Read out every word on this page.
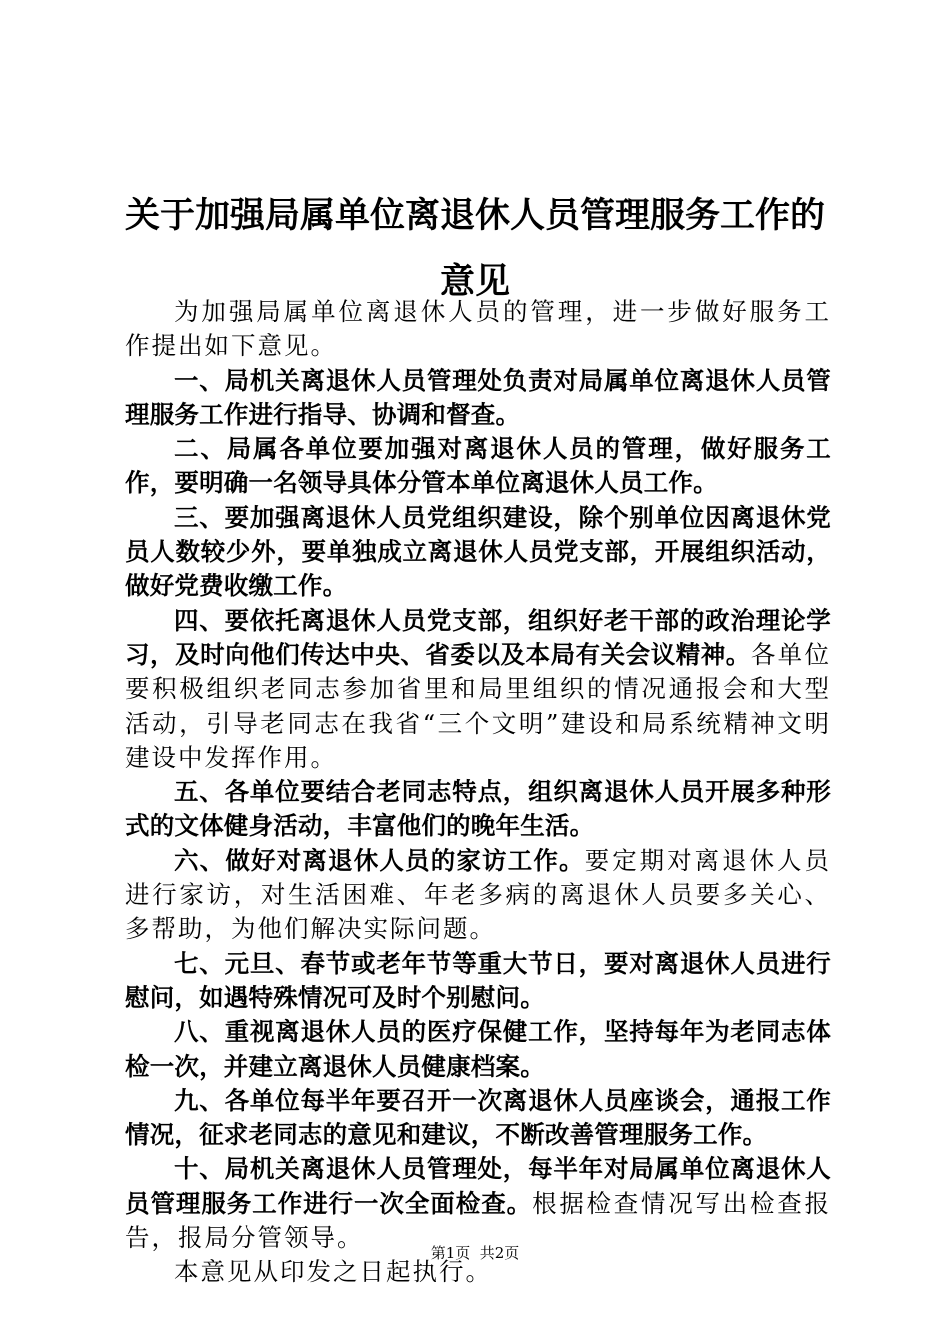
关于加强局属单位离退休人员管理服务工作的意见

为加强局属单位离退休人员的管理，进一步做好服务工作提出如下意见。

一、局机关离退休人员管理处负责对局属单位离退休人员管理服务工作进行指导、协调和督查。

二、局属各单位要加强对离退休人员的管理，做好服务工作，要明确一名领导具体分管本单位离退休人员工作。

三、要加强离退休人员党组织建设，除个别单位因离退休党员人数较少外，要单独成立离退休人员党支部，开展组织活动，做好党费收缴工作。

四、要依托离退休人员党支部，组织好老干部的政治理论学习，及时向他们传达中央、省委以及本局有关会议精神。各单位要积极组织老同志参加省里和局里组织的情况通报会和大型活动，引导老同志在我省“三个文明”建设和局系统精神文明建设中发挥作用。

五、各单位要结合老同志特点，组织离退休人员开展多种形式的文体健身活动，丰富他们的晚年生活。

六、做好对离退休人员的家访工作。要定期对离退休人员进行家访，对生活困难、年老多病的离退休人员要多关心、多帮助，为他们解决实际问题。

七、元旦、春节或老年节等重大节日，要对离退休人员进行慰问，如遇特殊情况可及时个别慰问。

八、重视离退休人员的医疗保健工作，坚持每年为老同志体检一次，并建立离退休人员健康档案。

九、各单位每半年要召开一次离退休人员座谈会，通报工作情况，征求老同志的意见和建议，不断改善管理服务工作。

十、局机关离退休人员管理处，每半年对局属单位离退休人员管理服务工作进行一次全面检查。根据检查情况写出检查报告，报局分管领导。

本意见从印发之日起执行。

第1页  共2页
